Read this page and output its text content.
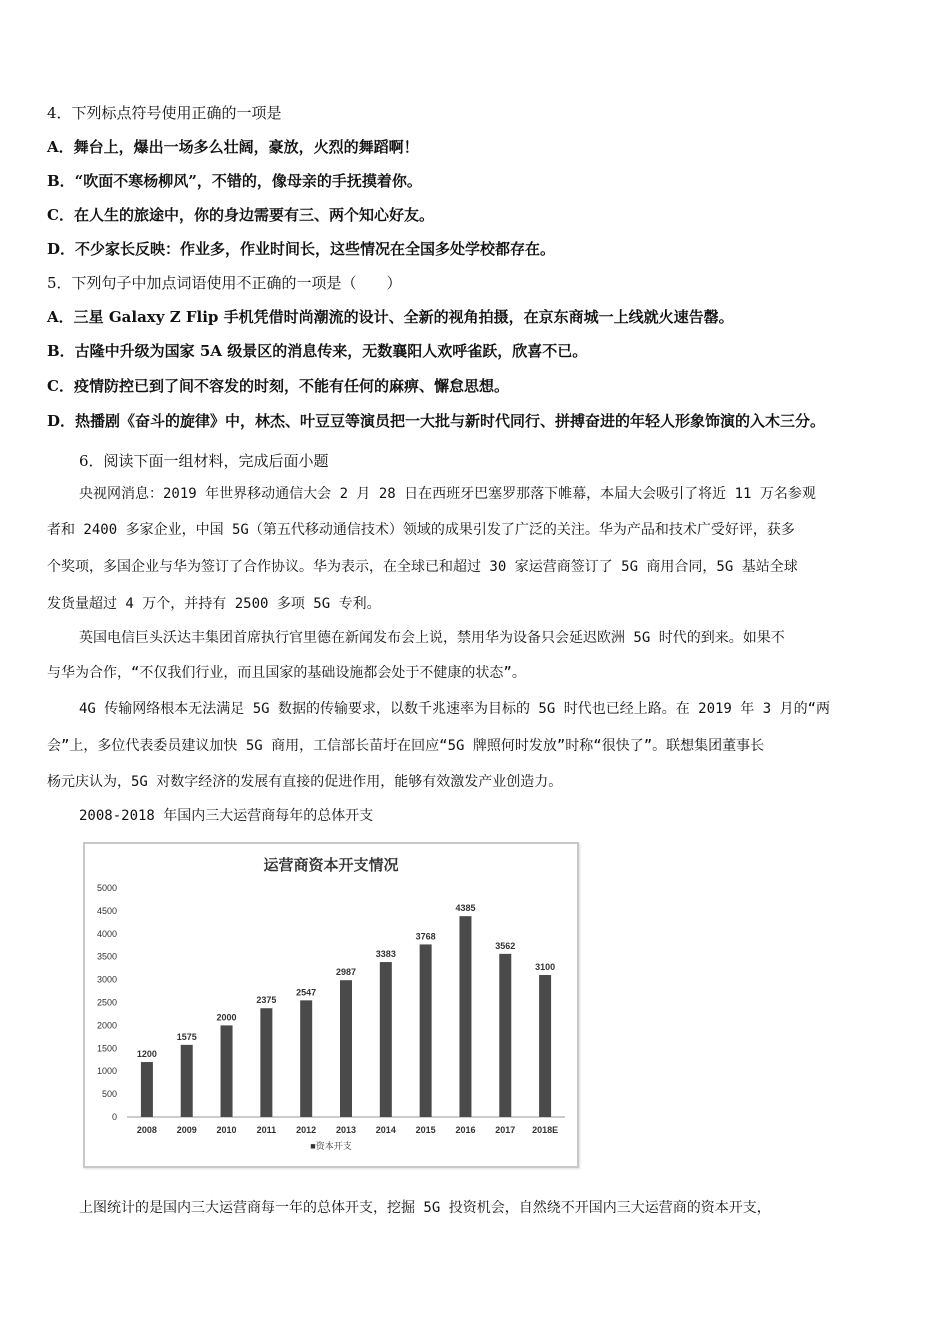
4．下列标点符号使用正确的一项是
A．舞台上，爆出一场多么壮阔，豪放，火烈的舞蹈啊！
B．“吹面不寒杨柳风”，不错的，像母亲的手抚摸着你。
C．在人生的旅途中，你的身边需要有三、两个知心好友。
D．不少家长反映：作业多，作业时间长，这些情况在全国多处学校都存在。
5．下列句子中加点词语使用不正确的一项是（　　）
A．三星 Galaxy Z Flip 手机凭借时尚潮流的设计、全新的视角拍摄，在京东商城一上线就火速告罄。
B．古隆中升级为国家 5A 级景区的消息传来，无数襄阳人欢呼雀跃，欣喜不已。
C．疫情防控已到了间不容发的时刻，不能有任何的麻痹、懈怠思想。
D．热播剧《奋斗的旋律》中，林杰、叶豆豆等演员把一大批与新时代同行、拼搏奋进的年轻人形象饰演的入木三分。
6．阅读下面一组材料，完成后面小题
央视网消息：2019 年世界移动通信大会 2 月 28 日在西班牙巴塞罗那落下帷幕，本届大会吸引了将近 11 万名参观
者和 2400 多家企业，中国 5G（第五代移动通信技术）领域的成果引发了广泛的关注。华为产品和技术广受好评，获多
个奖项，多国企业与华为签订了合作协议。华为表示，在全球已和超过 30 家运营商签订了 5G 商用合同，5G 基站全球
发货量超过 4 万个，并持有 2500 多项 5G 专利。
英国电信巨头沃达丰集团首席执行官里德在新闻发布会上说，禁用华为设备只会延迟欧洲 5G 时代的到来。如果不
与华为合作，“不仅我们行业，而且国家的基础设施都会处于不健康的状态”。
4G 传输网络根本无法满足 5G 数据的传输要求，以数千兆速率为目标的 5G 时代也已经上路。在 2019 年 3 月的“两
会”上，多位代表委员建议加快 5G 商用，工信部长苗圩在回应“5G 牌照何时发放”时称“很快了”。联想集团董事长
杨元庆认为，5G 对数字经济的发展有直接的促进作用，能够有效激发产业创造力。
2008-2018 年国内三大运营商每年的总体开支
运营商资本开支情况
0
500
1000
1500
2000
2500
3000
3500
4000
4500
5000
1200
1575
2000
2375
2547
2987
3383
3768
4385
3562
3100
2008 2009 2010 2011 2012 2013 2014 2015 2016 2017 2018E
■资本开支
上图统计的是国内三大运营商每一年的总体开支，挖掘 5G 投资机会，自然绕不开国内三大运营商的资本开支，
